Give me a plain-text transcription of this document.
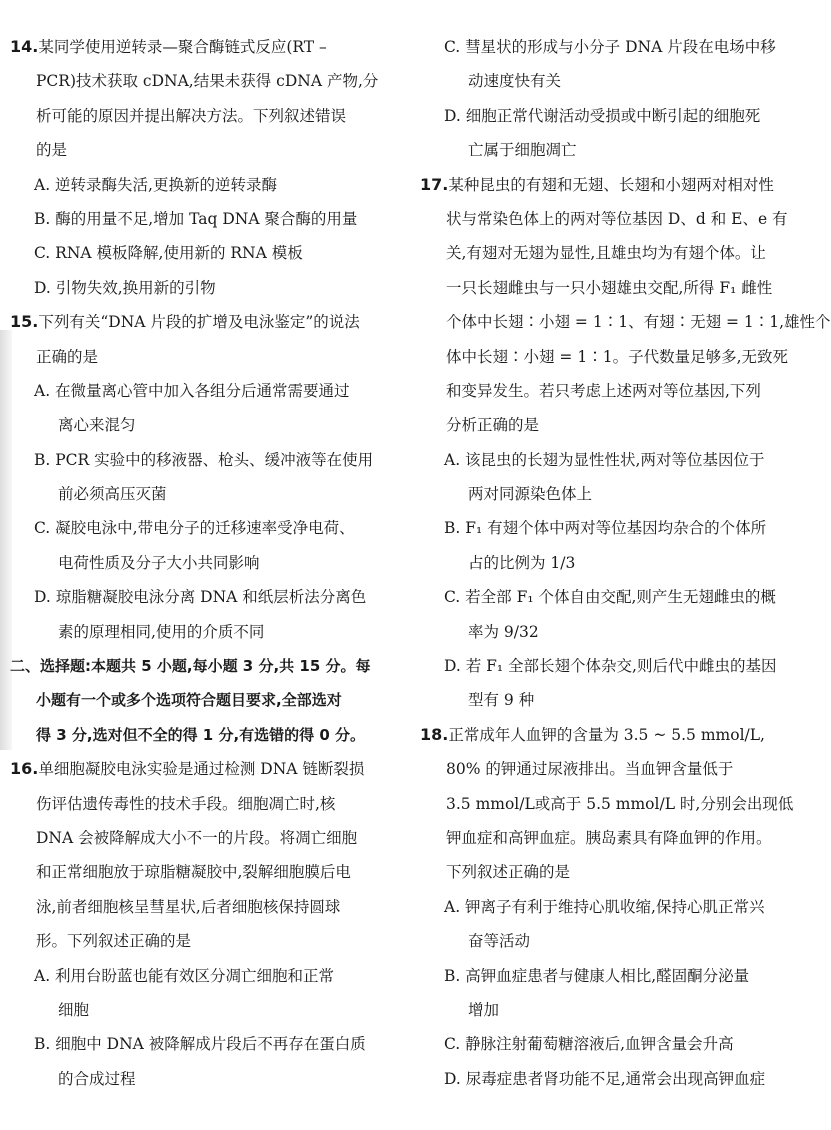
14.某同学使用逆转录—聚合酶链式反应(RT –
PCR)技术获取 cDNA,结果未获得 cDNA 产物,分
析可能的原因并提出解决方法。下列叙述错误
的是
A. 逆转录酶失活,更换新的逆转录酶
B. 酶的用量不足,增加 Taq DNA 聚合酶的用量
C. RNA 模板降解,使用新的 RNA 模板
D. 引物失效,换用新的引物
15.下列有关“DNA 片段的扩增及电泳鉴定”的说法
正确的是
A. 在微量离心管中加入各组分后通常需要通过
离心来混匀
B. PCR 实验中的移液器、枪头、缓冲液等在使用
前必须高压灭菌
C. 凝胶电泳中,带电分子的迁移速率受净电荷、
电荷性质及分子大小共同影响
D. 琼脂糖凝胶电泳分离 DNA 和纸层析法分离色
素的原理相同,使用的介质不同
二、选择题:本题共 5 小题,每小题 3 分,共 15 分。每
小题有一个或多个选项符合题目要求,全部选对
得 3 分,选对但不全的得 1 分,有选错的得 0 分。
16.单细胞凝胶电泳实验是通过检测 DNA 链断裂损
伤评估遗传毒性的技术手段。细胞凋亡时,核
DNA 会被降解成大小不一的片段。将凋亡细胞
和正常细胞放于琼脂糖凝胶中,裂解细胞膜后电
泳,前者细胞核呈彗星状,后者细胞核保持圆球
形。下列叙述正确的是
A. 利用台盼蓝也能有效区分凋亡细胞和正常
细胞
B. 细胞中 DNA 被降解成片段后不再存在蛋白质
的合成过程
C. 彗星状的形成与小分子 DNA 片段在电场中移
动速度快有关
D. 细胞正常代谢活动受损或中断引起的细胞死
亡属于细胞凋亡
17.某种昆虫的有翅和无翅、长翅和小翅两对相对性
状与常染色体上的两对等位基因 D、d 和 E、e 有
关,有翅对无翅为显性,且雄虫均为有翅个体。让
一只长翅雌虫与一只小翅雄虫交配,所得 F₁ 雌性
个体中长翅∶小翅 = 1∶1、有翅∶无翅 = 1∶1,雄性个
体中长翅∶小翅 = 1∶1。子代数量足够多,无致死
和变异发生。若只考虑上述两对等位基因,下列
分析正确的是
A. 该昆虫的长翅为显性性状,两对等位基因位于
两对同源染色体上
B. F₁ 有翅个体中两对等位基因均杂合的个体所
占的比例为 1/3
C. 若全部 F₁ 个体自由交配,则产生无翅雌虫的概
率为 9/32
D. 若 F₁ 全部长翅个体杂交,则后代中雌虫的基因
型有 9 种
18.正常成年人血钾的含量为 3.5 ~ 5.5 mmol/L,
80% 的钾通过尿液排出。当血钾含量低于
3.5 mmol/L或高于 5.5 mmol/L 时,分别会出现低
钾血症和高钾血症。胰岛素具有降血钾的作用。
下列叙述正确的是
A. 钾离子有利于维持心肌收缩,保持心肌正常兴
奋等活动
B. 高钾血症患者与健康人相比,醛固酮分泌量
增加
C. 静脉注射葡萄糖溶液后,血钾含量会升高
D. 尿毒症患者肾功能不足,通常会出现高钾血症
